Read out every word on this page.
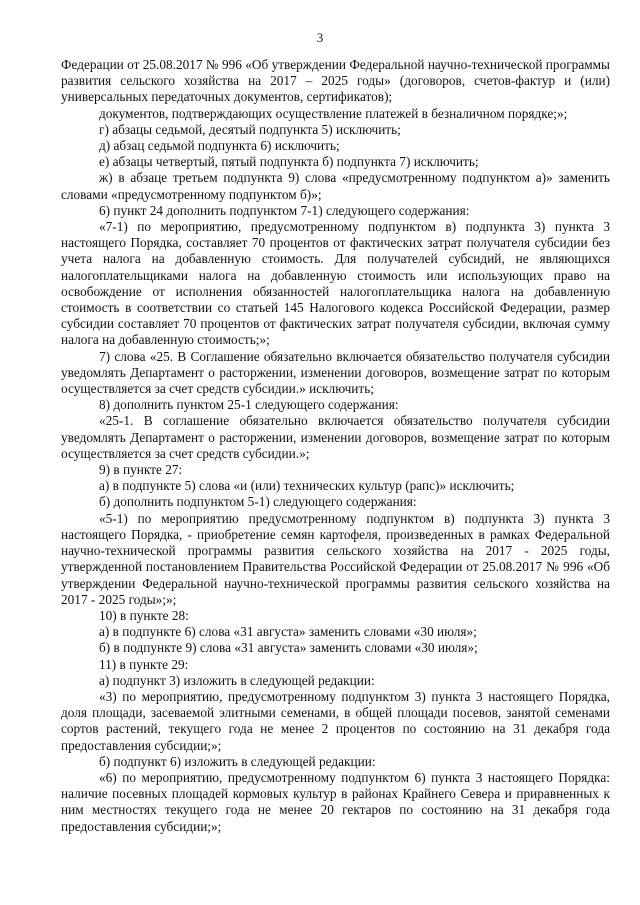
3

Федерации от 25.08.2017 № 996 «Об утверждении Федеральной научно-технической программы развития сельского хозяйства на 2017 – 2025 годы» (договоров, счетов-фактур и (или) универсальных передаточных документов, сертификатов);

документов, подтверждающих осуществление платежей в безналичном порядке;»;

г) абзацы седьмой, десятый подпункта 5) исключить;

д) абзац седьмой подпункта 6) исключить;

е) абзацы четвертый, пятый подпункта б) подпункта 7) исключить;

ж) в абзаце третьем подпункта 9) слова «предусмотренному подпунктом а)» заменить словами «предусмотренному подпунктом б)»;

6) пункт 24 дополнить подпунктом 7-1) следующего содержания:

«7-1) по мероприятию, предусмотренному подпунктом в) подпункта 3) пункта 3 настоящего Порядка, составляет 70 процентов от фактических затрат получателя субсидии без учета налога на добавленную стоимость. Для получателей субсидий, не являющихся налогоплательщиками налога на добавленную стоимость или использующих право на освобождение от исполнения обязанностей налогоплательщика налога на добавленную стоимость в соответствии со статьей 145 Налогового кодекса Российской Федерации, размер субсидии составляет 70 процентов от фактических затрат получателя субсидии, включая сумму налога на добавленную стоимость;»;

7) слова «25. В Соглашение обязательно включается обязательство получателя субсидии уведомлять Департамент о расторжении, изменении договоров, возмещение затрат по которым осуществляется за счет средств субсидии.» исключить;

8) дополнить пунктом 25-1 следующего содержания:

«25-1. В соглашение обязательно включается обязательство получателя субсидии уведомлять Департамент о расторжении, изменении договоров, возмещение затрат по которым осуществляется за счет средств субсидии.»;

9) в пункте 27:

а) в подпункте 5) слова «и (или) технических культур (рапс)» исключить;

б) дополнить подпунктом 5-1) следующего содержания:

«5-1) по мероприятию предусмотренному подпунктом в) подпункта 3) пункта 3 настоящего Порядка, - приобретение семян картофеля, произведенных в рамках Федеральной научно-технической программы развития сельского хозяйства на 2017 - 2025 годы, утвержденной постановлением Правительства Российской Федерации от 25.08.2017 № 996 «Об утверждении Федеральной научно-технической программы развития сельского хозяйства на 2017 - 2025 годы»;»;

10) в пункте 28:

а) в подпункте 6) слова «31 августа» заменить словами «30 июля»;

б) в подпункте 9) слова «31 августа» заменить словами «30 июля»;

11) в пункте 29:

а) подпункт 3) изложить в следующей редакции:

«3) по мероприятию, предусмотренному подпунктом 3) пункта 3 настоящего Порядка, доля площади, засеваемой элитными семенами, в общей площади посевов, занятой семенами сортов растений, текущего года не менее 2 процентов по состоянию на 31 декабря года предоставления субсидии;»;

б) подпункт 6) изложить в следующей редакции:

«6) по мероприятию, предусмотренному подпунктом 6) пункта 3 настоящего Порядка: наличие посевных площадей кормовых культур в районах Крайнего Севера и приравненных к ним местностях текущего года не менее 20 гектаров по состоянию на 31 декабря года предоставления субсидии;»;
